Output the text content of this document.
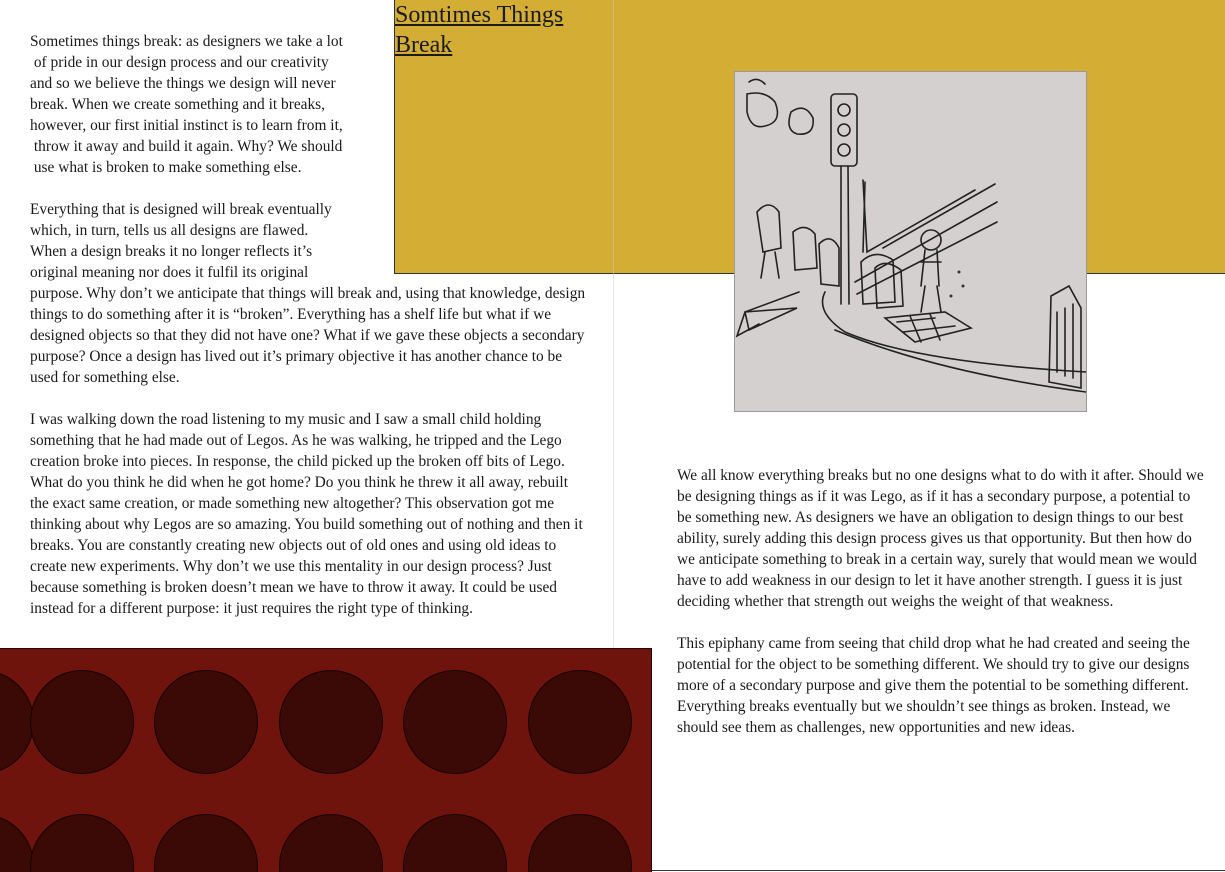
Somtimes Things Break
Sometimes things break: as designers we take a lot
of pride in our design process and our creativity
and so we believe the things we design will never
break. When we create something and it breaks,
however, our first initial instinct is to learn from it,
throw it away and build it again. Why? We should
use what is broken to make something else.
Everything that is designed will break eventually
which, in turn, tells us all designs are flawed.
When a design breaks it no longer reflects it’s
original meaning nor does it fulfil its original

purpose. Why don’t we anticipate that things will break and, using that knowledge, design things to do something after it is “broken”. Everything has a shelf life but what if we designed objects so that they did not have one? What if we gave these objects a secondary purpose? Once a design has lived out it’s primary objective it has another chance to be used for something else.

I was walking down the road listening to my music and I saw a small child holding something that he had made out of Legos. As he was walking, he tripped and the Lego creation broke into pieces. In response, the child picked up the broken off bits of Lego. What do you think he did when he got home? Do you think he threw it all away, rebuilt the exact same creation, or made something new altogether? This observation got me thinking about why Legos are so amazing. You build something out of nothing and then it breaks. You are constantly creating new objects out of old ones and using old ideas to create new experiments. Why don’t we use this mentality in our design process? Just because something is broken doesn’t mean we have to throw it away. It could be used instead for a different purpose: it just requires the right type of thinking.

We all know everything breaks but no one designs what to do with it after. Should we be designing things as if it was Lego, as if it has a secondary purpose, a potential to be something new. As designers we have an obligation to design things to our best ability, surely adding this design process gives us that opportunity. But then how do we anticipate something to break in a certain way, surely that would mean we would have to add weakness in our design to let it have another strength. I guess it is just deciding whether that strength out weighs the weight of that weakness.

This epiphany came from seeing that child drop what he had created and seeing the potential for the object to be something different. We should try to give our designs more of a secondary purpose and give them the potential to be something different. Everything breaks eventually but we shouldn’t see things as broken. Instead, we should see them as challenges, new opportunities and new ideas.
